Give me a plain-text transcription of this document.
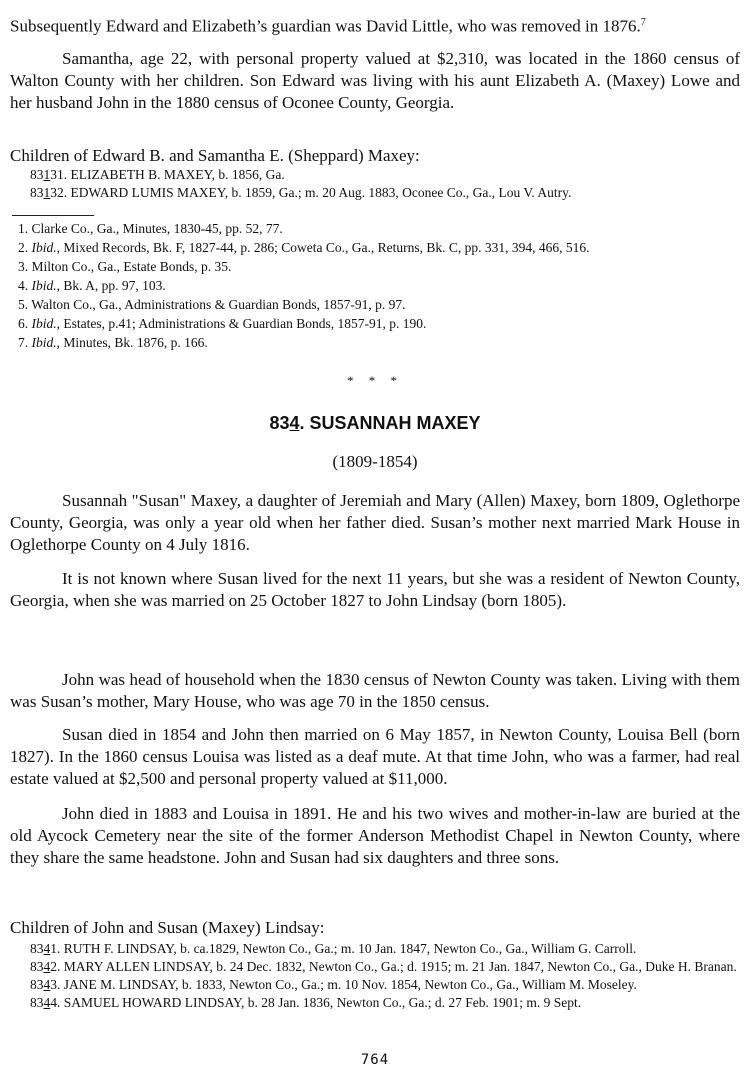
Subsequently Edward and Elizabeth’s guardian was David Little, who was removed in 1876.$^7$

Samantha, age 22, with personal property valued at $2,310, was located in the 1860 census of Walton County with her children. Son Edward was living with his aunt Elizabeth A. (Maxey) Lowe and her husband John in the 1880 census of Oconee County, Georgia.

Children of Edward B. and Samantha E. (Sheppard) Maxey:

83131. ELIZABETH B. MAXEY, b. 1856, Ga.
83132. EDWARD LUMIS MAXEY, b. 1859, Ga.; m. 20 Aug. 1883, Oconee Co., Ga., Lou V. Autry.
1. Clarke Co., Ga., Minutes, 1830-45, pp. 52, 77.
2. Ibid., Mixed Records, Bk. F, 1827-44, p. 286; Coweta Co., Ga., Returns, Bk. C, pp. 331, 394, 466, 516.
3. Milton Co., Ga., Estate Bonds, p. 35.
4. Ibid., Bk. A, pp. 97, 103.
5. Walton Co., Ga., Administrations & Guardian Bonds, 1857-91, p. 97.
6. Ibid., Estates, p.41; Administrations & Guardian Bonds, 1857-91, p. 190.
7. Ibid., Minutes, Bk. 1876, p. 166.
* * *
834. SUSANNAH MAXEY
(1809-1854)

Susannah "Susan" Maxey, a daughter of Jeremiah and Mary (Allen) Maxey, born 1809, Oglethorpe County, Georgia, was only a year old when her father died. Susan’s mother next married Mark House in Oglethorpe County on 4 July 1816.

It is not known where Susan lived for the next 11 years, but she was a resident of Newton County, Georgia, when she was married on 25 October 1827 to John Lindsay (born 1805).

John was head of household when the 1830 census of Newton County was taken. Living with them was Susan’s mother, Mary House, who was age 70 in the 1850 census.

Susan died in 1854 and John then married on 6 May 1857, in Newton County, Louisa Bell (born 1827). In the 1860 census Louisa was listed as a deaf mute. At that time John, who was a farmer, had real estate valued at $2,500 and personal property valued at $11,000.

John died in 1883 and Louisa in 1891. He and his two wives and mother-in-law are buried at the old Aycock Cemetery near the site of the former Anderson Methodist Chapel in Newton County, where they share the same headstone. John and Susan had six daughters and three sons.

Children of John and Susan (Maxey) Lindsay:

8341. RUTH F. LINDSAY, b. ca.1829, Newton Co., Ga.; m. 10 Jan. 1847, Newton Co., Ga., William G. Carroll.
8342. MARY ALLEN LINDSAY, b. 24 Dec. 1832, Newton Co., Ga.; d. 1915; m. 21 Jan. 1847, Newton Co., Ga., Duke H. Branan.
8343. JANE M. LINDSAY, b. 1833, Newton Co., Ga.; m. 10 Nov. 1854, Newton Co., Ga., William M. Moseley.
8344. SAMUEL HOWARD LINDSAY, b. 28 Jan. 1836, Newton Co., Ga.; d. 27 Feb. 1901; m. 9 Sept.
764
